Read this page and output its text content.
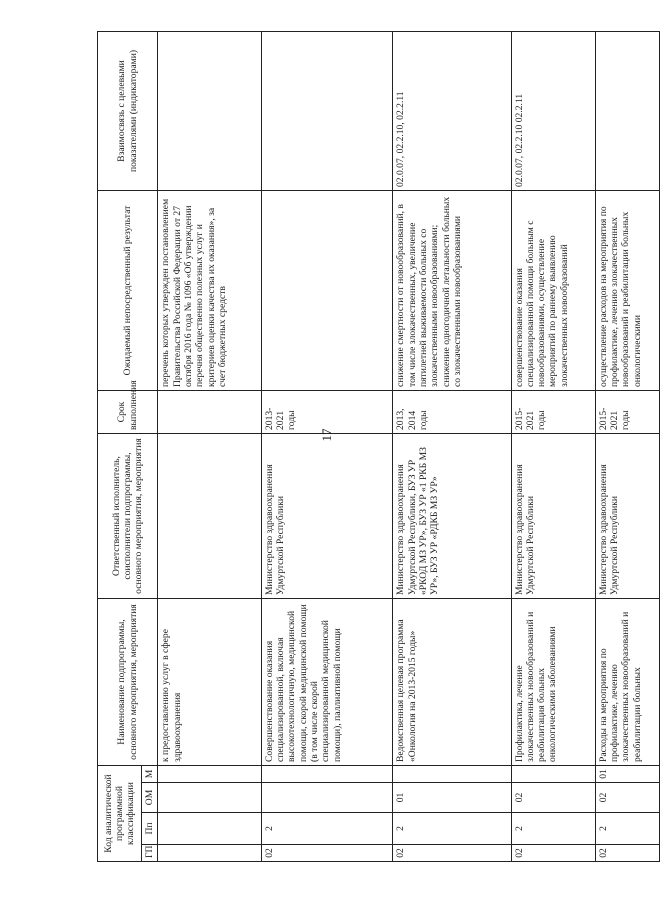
17
Код аналитической программной классификации				Наименование подпрограммы, основного мероприятия, мероприятия	Ответственный исполнитель, соисполнители подпрограммы, основного мероприятия, мероприятия	Срок выполнения	Ожидаемый непосредственный результат	Взаимосвязь с целевыми показателями (индикаторами)
ГП	Пп	ОМ	М					
				к предоставлению услуг в сфере здравоохранения			перечень которых утвержден постановлением Правительства Российской Федерации от 27 октября 2016 года № 1096 «Об утверждении перечня общественно полезных услуг и критериев оценки качества их оказания», за счет бюджетных средств	
02	2			Совершенствование оказания специализированной, включая высокотехнологичную, медицинской помощи, скорой медицинской помощи (в том числе скорой специализированной медицинской помощи), паллиативной помощи	Министерство здравоохранения Удмуртской Республики	2013-2021 годы		
02	2	01		Ведомственная целевая программа «Онкология на 2013-2015 годы»	Министерство здравоохранения Удмуртской Республики, БУЗ УР «РКОД МЗ УР», БУЗ УР «1 РКБ МЗ УР», БУЗ УР «РДКБ МЗ УР»	2013, 2014 годы	снижение смертности от новообразований, в том числе злокачественных, увеличение пятилетней выживаемости больных со злокачественными новообразованиями; снижение одногодичной летальности больных со злокачественными новообразованиями	02.0.07, 02.2.10, 02.2.11
02	2	02		Профилактика, лечение злокачественных новообразований и реабилитация больных онкологическими заболеваниями	Министерство здравоохранения Удмуртской Республики	2015-2021 годы	совершенствование оказания специализированной помощи больным с новообразованиями, осуществление мероприятий по раннему выявлению злокачественных новообразований	02.0.07, 02.2.10 02.2.11
02	2	02	01	Расходы на мероприятия по профилактике, лечению злокачественных новообразований и реабилитации больных	Министерство здравоохранения Удмуртской Республики	2015-2021 годы	осуществление расходов на мероприятия по профилактике, лечению злокачественных новообразований и реабилитации больных онкологическими	
